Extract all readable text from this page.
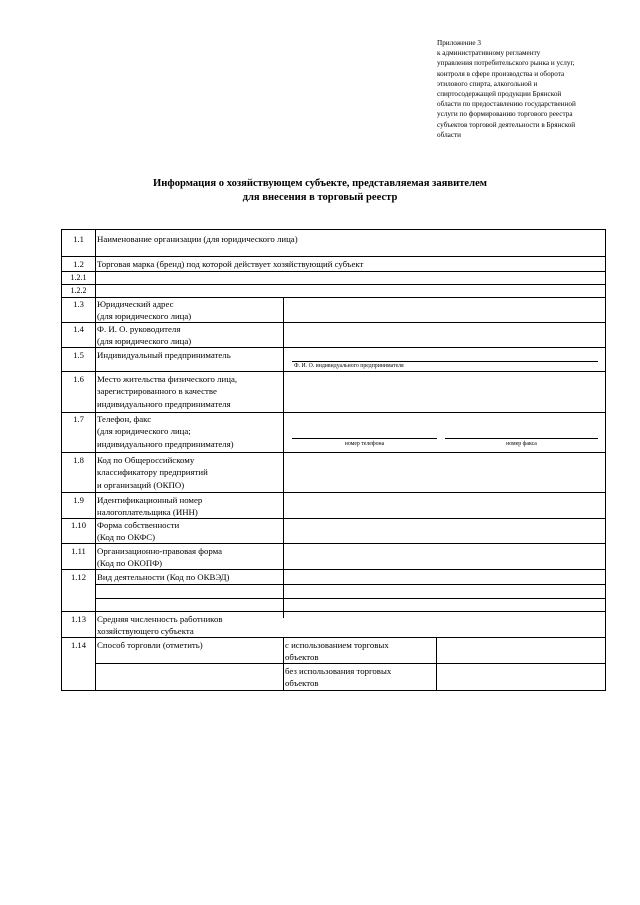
Приложение 3
к административному регламенту
управления потребительского рынка и услуг,
контроля в сфере производства и оборота
этилового спирта, алкогольной и
спиртосодержащей продукции Брянской
области по предоставлению государственной
услуги по формированию торгового реестра
субъектов торговой деятельности в Брянской
области
Информация о хозяйствующем субъекте, представляемая заявителем
для внесения в торговый реестр
1.1	Наименование организации (для юридического лица)
1.2	Торговая марка (бренд) под которой действует хозяйствующий субъект
1.2.1
1.2.2
1.3	Юридический адрес
(для юридического лица)
1.4	Ф. И. О. руководителя
(для юридического лица)
1.5	Индивидуальный предприниматель
Ф. И. О. индивидуального предпринимателя
1.6	Место жительства физического лица,
зарегистрированного в качестве
индивидуального предпринимателя
1.7	Телефон, факс
(для юридического лица;
индивидуального предпринимателя)	номер телефона	номер факса
1.8	Код по Общероссийскому
классификатору предприятий
и организаций (ОКПО)
1.9	Идентификационный номер
налогоплательщика (ИНН)
1.10	Форма собственности
(Код по ОКФС)
1.11	Организационно-правовая форма
(Код по ОКОПФ)
1.12	Вид деятельности (Код по ОКВЭД)
1.13	Средняя численность работников
хозяйствующего субъекта
1.14	Способ торговли (отметить)	с использованием торговых
объектов
без использования торговых
объектов
